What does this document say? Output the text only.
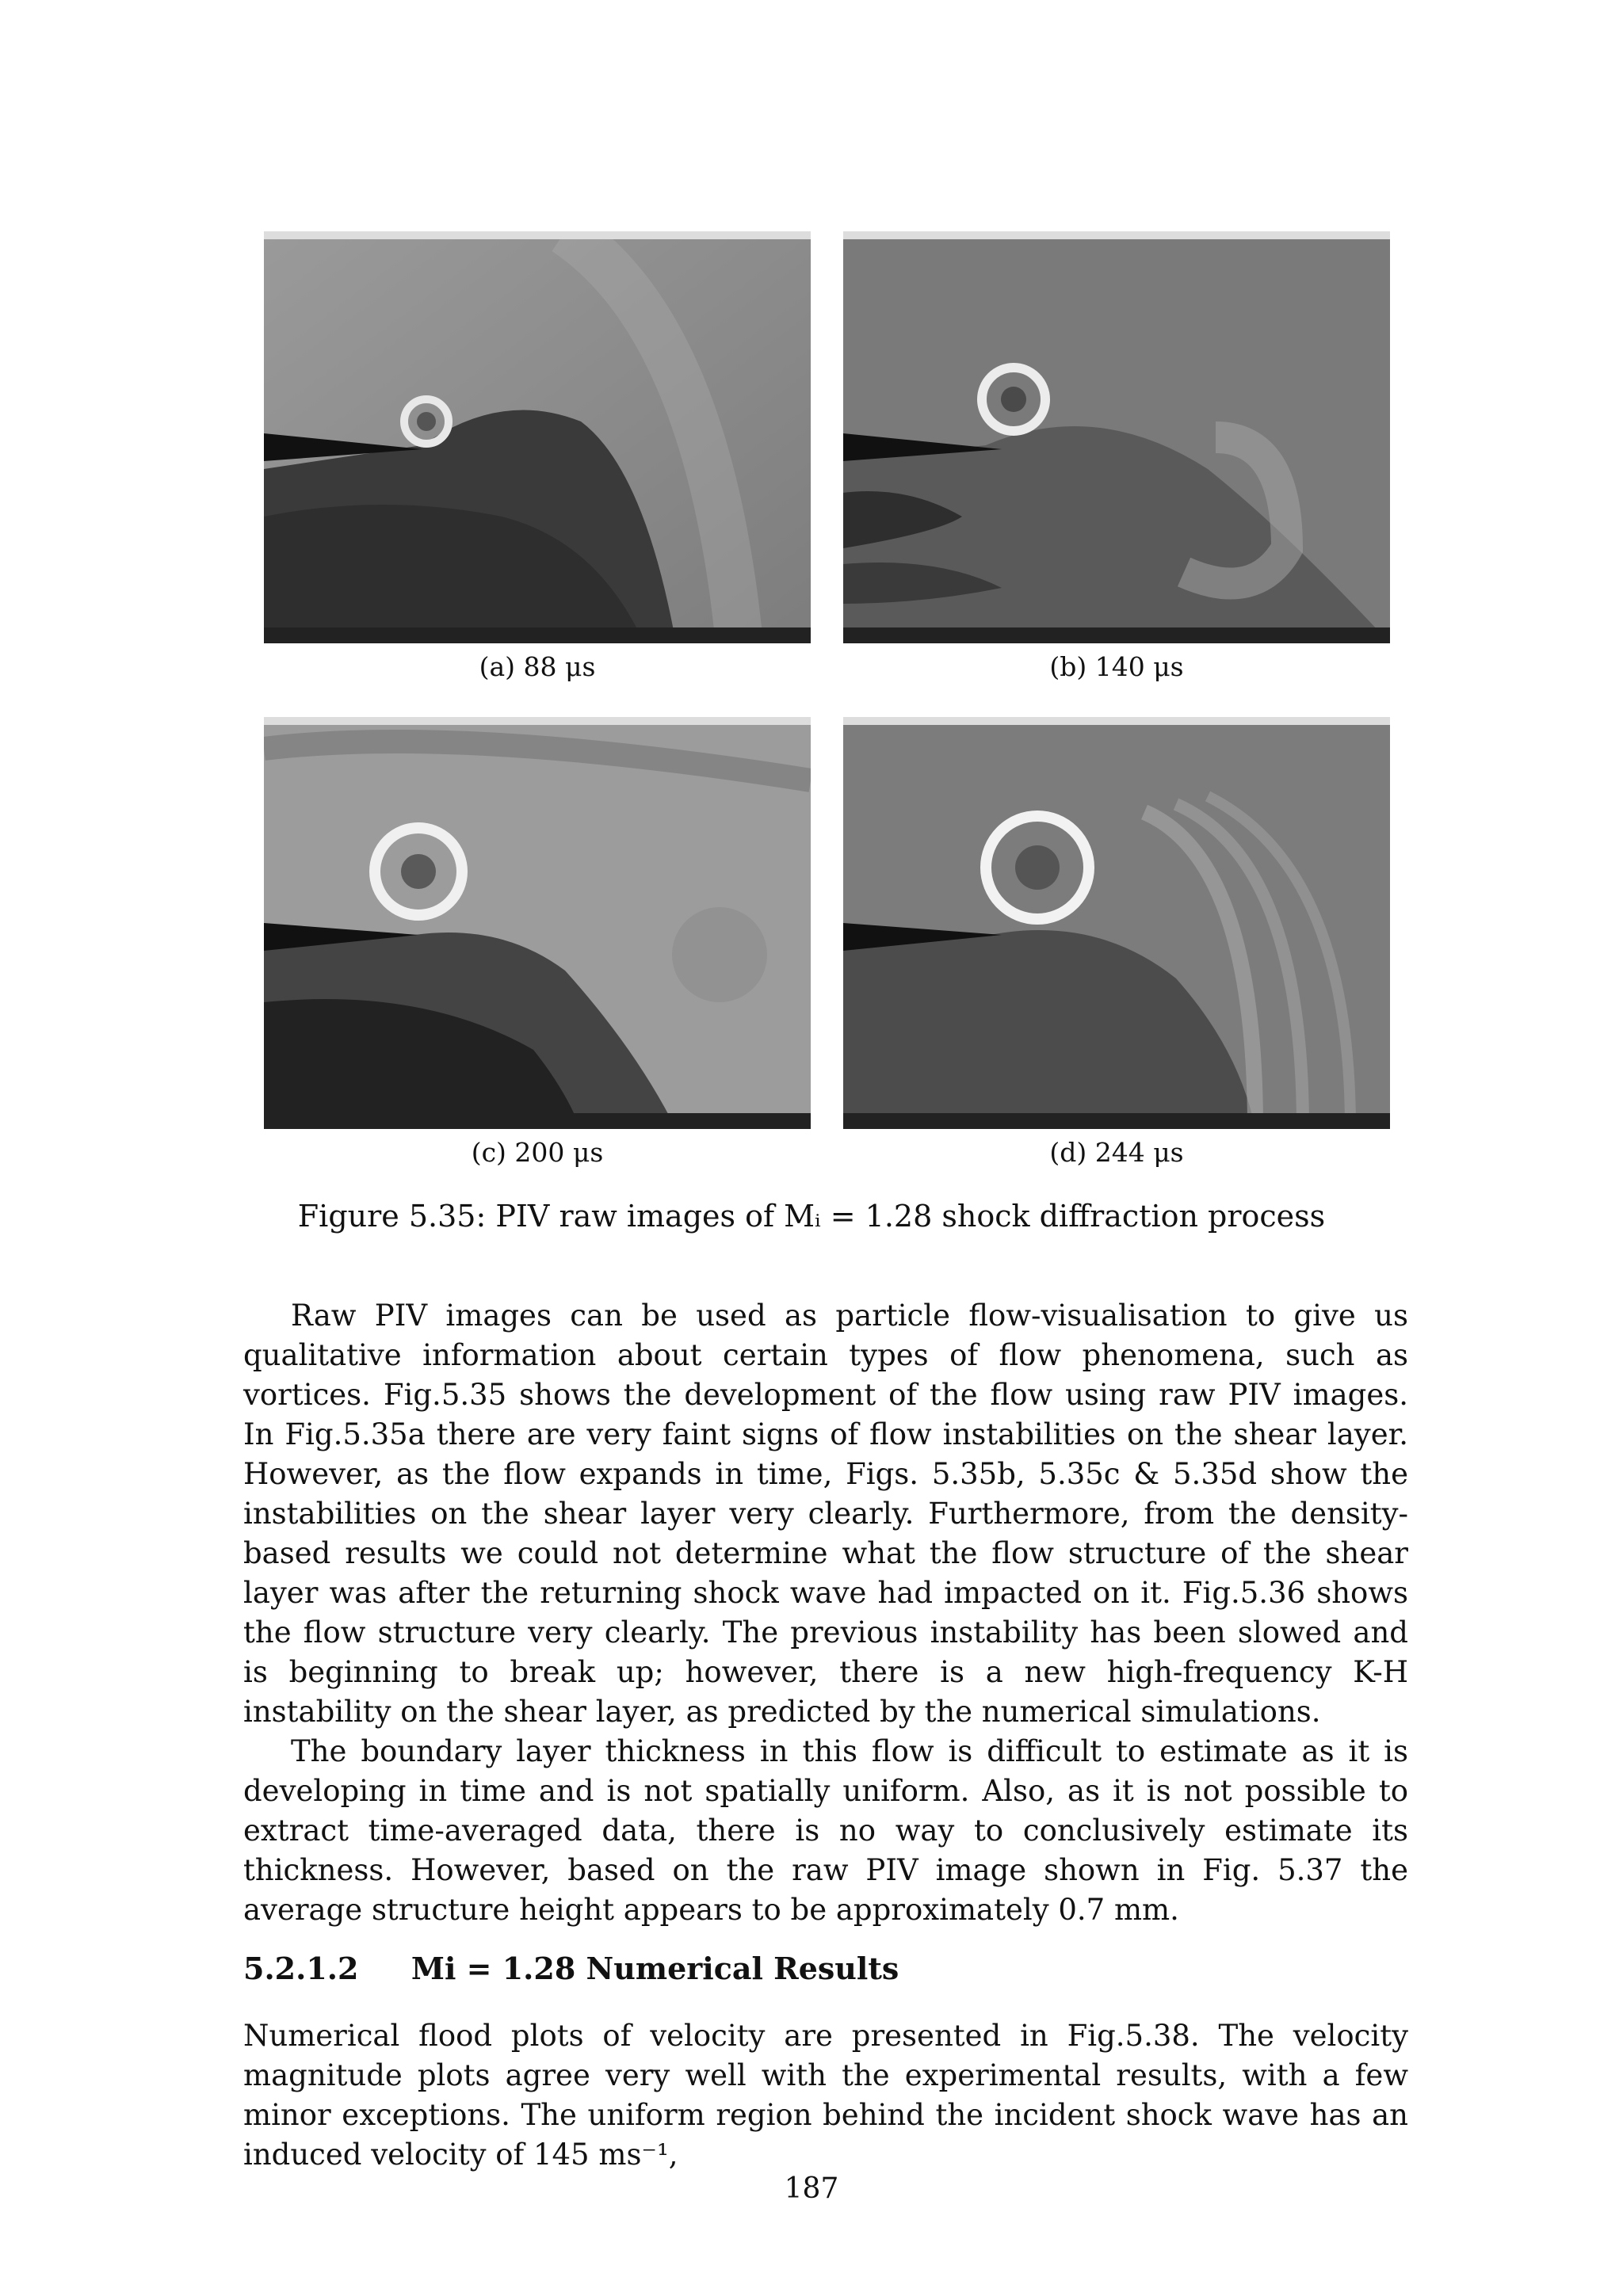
(a) 88 μs	(b) 140 μs
(c) 200 μs	(d) 244 μs
Figure 5.35: PIV raw images of Mᵢ = 1.28 shock diffraction process

Raw PIV images can be used as particle flow-visualisation to give us qualitative information about certain types of flow phenomena, such as vortices. Fig.5.35 shows the development of the flow using raw PIV images. In Fig.5.35a there are very faint signs of flow instabilities on the shear layer. However, as the flow expands in time, Figs. 5.35b, 5.35c & 5.35d show the instabilities on the shear layer very clearly. Furthermore, from the density-based results we could not determine what the flow structure of the shear layer was after the returning shock wave had impacted on it. Fig.5.36 shows the flow structure very clearly. The previous instability has been slowed and is beginning to break up; however, there is a new high-frequency K-H instability on the shear layer, as predicted by the numerical simulations.

The boundary layer thickness in this flow is difficult to estimate as it is developing in time and is not spatially uniform. Also, as it is not possible to extract time-averaged data, there is no way to conclusively estimate its thickness. However, based on the raw PIV image shown in Fig. 5.37 the average structure height appears to be approximately 0.7 mm.

5.2.1.2 Mi = 1.28 Numerical Results

Numerical flood plots of velocity are presented in Fig.5.38. The velocity magnitude plots agree very well with the experimental results, with a few minor exceptions. The uniform region behind the incident shock wave has an induced velocity of 145 ms⁻¹,

187
